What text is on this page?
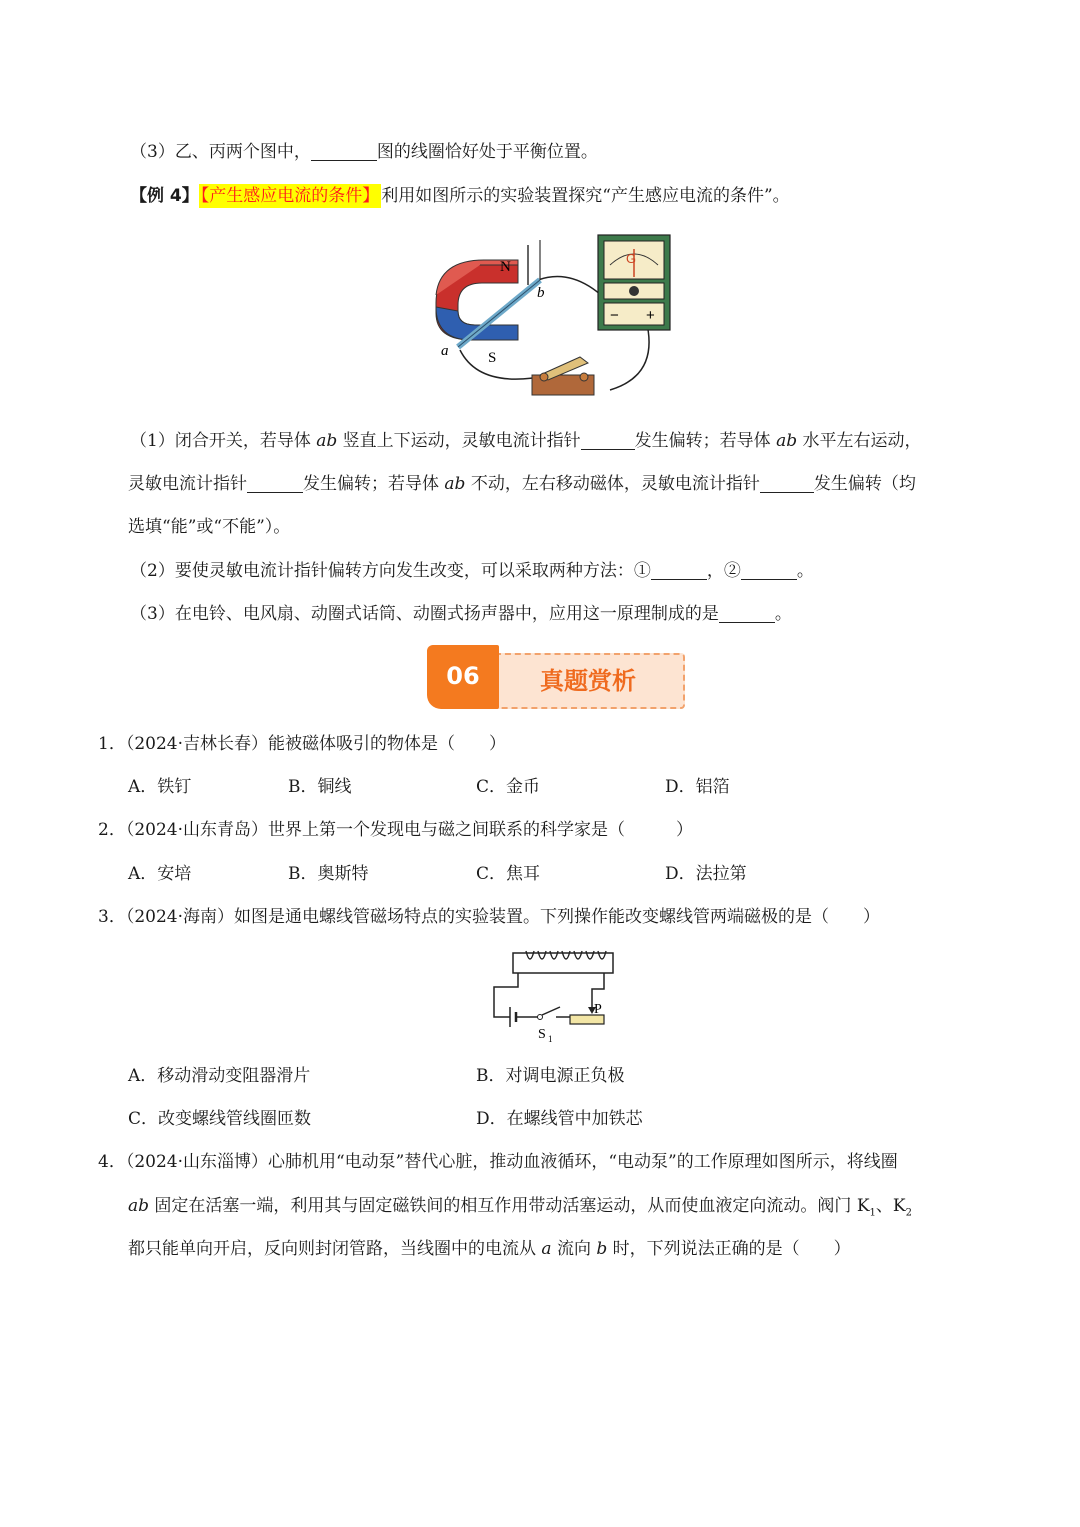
（3）乙、丙两个图中，	图的线圈恰好处于平衡位置。
【例 4】 【产生感应电流的条件】 利用如图所示的实验装置探究“产生感应电流的条件”。
N
S
a
b
G
− +
（1）闭合开关，若导体 ab 竖直上下运动，灵敏电流计指针	发生偏转；若导体 ab 水平左右运动，
灵敏电流计指针	发生偏转；若导体 ab 不动，左右移动磁体，灵敏电流计指针	发生偏转（均
选填“能”或“不能”）。
（2）要使灵敏电流计指针偏转方向发生改变，可以采取两种方法：①	，②	。
（3）在电铃、电风扇、动圈式话筒、动圈式扬声器中，应用这一原理制成的是	。
真题赏析
06
1．（2024·吉林长春）能被磁体吸引的物体是（　　）
A．铁钉	B．铜线	C．金币	D．铝箔
2．（2024·山东青岛）世界上第一个发现电与磁之间联系的科学家是（　　　）
A．安培	B．奥斯特	C．焦耳	D．法拉第
3．（2024·海南）如图是通电螺线管磁场特点的实验装置。下列操作能改变螺线管两端磁极的是（　　）
P
S 1
A．移动滑动变阻器滑片	B．对调电源正负极
C．改变螺线管线圈匝数	D．在螺线管中加铁芯
4．（2024·山东淄博）心肺机用“电动泵”替代心脏，推动血液循环，“电动泵”的工作原理如图所示，将线圈
ab 固定在活塞一端，利用其与固定磁铁间的相互作用带动活塞运动，从而使血液定向流动。阀门 $K_1$、$K_2$
都只能单向开启，反向则封闭管路，当线圈中的电流从 a 流向 b 时，下列说法正确的是（　　）
